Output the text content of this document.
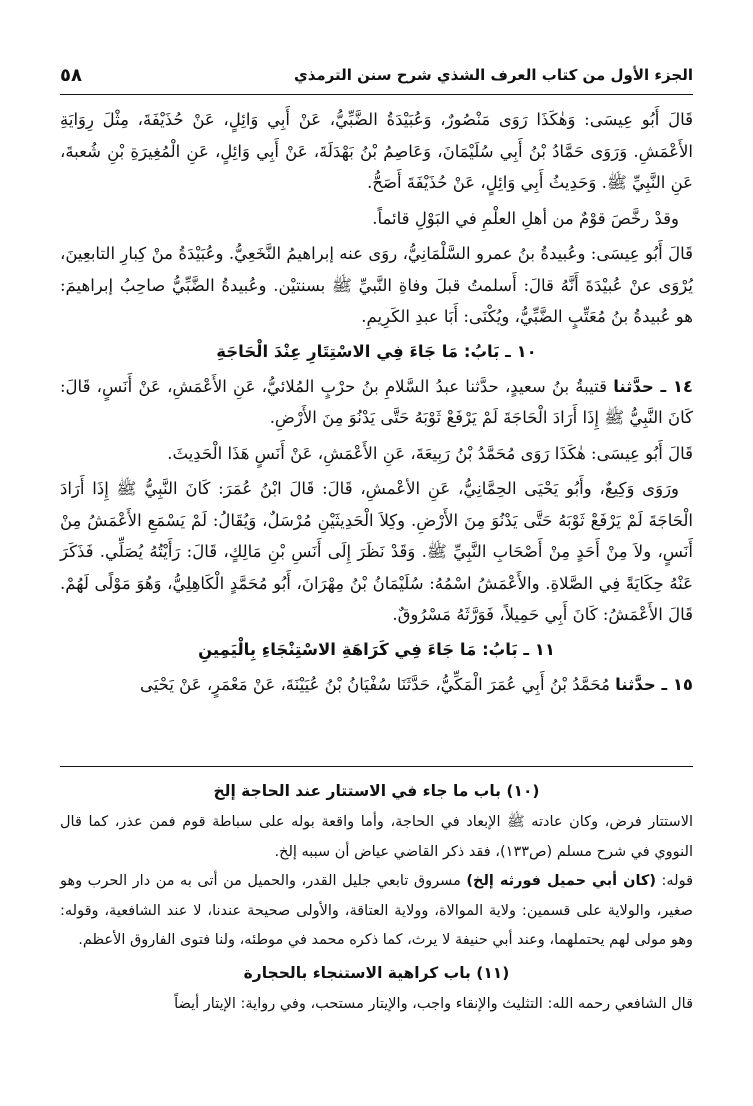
٥٨	الجزء الأول من كتاب العرف الشذي شرح سنن الترمذي

قَالَ أَبُو عِيسَى: وَهٰكَذَا رَوَى مَنْصُورٌ، وَعُبَيْدَةُ الضَّبِّيُّ، عَنْ أَبِي وَائِلٍ، عَنْ حُذَيْفَةَ، مِثْلَ رِوَايَةِ الأَعْمَشِ. وَرَوَى حَمَّادُ بْنُ أَبِي سُلَيْمَانَ، وَعَاصِمُ بْنُ بَهْدَلَةَ، عَنْ أَبِي وَائِلٍ، عَنِ الْمُغِيرَةِ بْنِ شُعبةَ، عَنِ النَّبِيِّ ﷺ. وَحَدِيثُ أَبِي وَائِلٍ، عَنْ حُذَيْفَةَ أَصَحُّ.

وقدْ رخَّصَ قوْمٌ من أهلِ العلْمِ في البَوْلِ قائماً.

قَالَ أَبُو عِيسَى: وعُبيدةُ بنُ عمرو السَّلْمَانِيُّ، روَى عنه إبراهيمُ النَّخَعِيُّ. وعُبَيْدَةُ منْ كِبارِ التابعِينَ، يُرْوَى عنْ عُبيْدَةَ أَنَّهُ قالَ: أَسلمتُ قبلَ وفاةِ النَّبيِّ ﷺ بسنتيْن. وعُبيدةُ الضَّبِّيُّ صاحِبُ إبراهيمَ: هو عُبيدةُ بنُ مُعَتِّبٍ الضَّبِّيُّ، ويُكْنَى: أَبَا عبدِ الكَرِيمِ.

١٠ ـ بَابُ: مَا جَاءَ فِي الاسْتِتَارِ عِنْدَ الْحَاجَةِ

١٤ ـ حدَّثنا قتيبةُ بنُ سعيدٍ، حدَّثنا عبدُ السَّلامِ بنُ حرْبٍ المُلائيُّ، عَنِ الأَعْمَشِ، عَنْ أَنَسٍ، قَالَ: كَانَ النَّبِيُّ ﷺ إِذَا أَرَادَ الْحَاجَةَ لَمْ يَرْفَعْ ثَوْبَهُ حَتَّى يَدْنُوَ مِنَ الأَرْضِ.

قَالَ أَبُو عِيسَى: هٰكَذَا رَوَى مُحَمَّدُ بْنُ رَبِيعَةَ، عَنِ الأَعْمَشِ، عَنْ أَنَسٍ هَذَا الْحَدِيثَ.

ورَوَى وَكِيعٌ، وأَبُو يَحْيَى الحِمَّانِيُّ، عَنِ الأعْمشِ، قَالَ: قَالَ ابْنُ عُمَرَ: كَانَ النَّبِيُّ ﷺ إِذَا أَرَادَ الْحَاجَةَ لَمْ يَرْفَعْ ثَوْبَهُ حَتَّى يَدْنُوَ مِنَ الأَرْضِ. وكِلاَ الْحَدِيثَيْنِ مُرْسَلٌ، وَيُقَالُ: لَمْ يَسْمَعِ الأَعْمَشُ مِنْ أَنَسٍ، ولاَ مِنْ أَحَدٍ مِنْ أَصْحَابِ النَّبِيِّ ﷺ. وَقَدْ نَظَرَ إِلَى أَنَسِ بْنِ مَالِكٍ، قَالَ: رَأَيْتُهُ يُصَلِّي. فَذَكَرَ عَنْهُ حِكَايَةً فِي الصَّلاةِ. والأَعْمَشُ اسْمُهُ: سُلَيْمَانُ بْنُ مِهْرَانَ، أَبُو مُحَمَّدٍ الْكَاهِلِيُّ، وَهُوَ مَوْلًى لَهُمْ. قَالَ الأَعْمَشُ: كَانَ أَبِي حَمِيلاً، فَوَرَّثَهُ مَسْرُوقٌ.

١١ ـ بَابُ: مَا جَاءَ فِي كَرَاهَةِ الاسْتِنْجَاءِ بِالْيَمِينِ

١٥ ـ حدَّثنا مُحَمَّدُ بْنُ أَبِي عُمَرَ الْمَكِّيُّ، حَدَّثَنَا سُفْيَانُ بْنُ عُيَيْنَةَ، عَنْ مَعْمَرٍ، عَنْ يَحْيَى

(١٠) باب ما جاء في الاستتار عند الحاجة إلخ

الاستتار فرض، وكان عادته ﷺ الإبعاد في الحاجة، وأما واقعة بوله على سباطة قوم فمن عذر، كما قال النووي في شرح مسلم (ص١٣٣)، فقد ذكر القاضي عياض أن سببه إلخ.

قوله: (كان أبي حميل فورثه إلخ) مسروق تابعي جليل القدر، والحميل من أتى به من دار الحرب وهو صغير، والولاية على قسمين: ولاية الموالاة، وولاية العتاقة، والأولى صحيحة عندنا، لا عند الشافعية، وقوله: وهو مولى لهم يحتملهما، وعند أبي حنيفة لا يرث، كما ذكره محمد في موطئه، ولنا فتوى الفاروق الأعظم.

(١١) باب كراهية الاستنجاء بالحجارة

قال الشافعي رحمه الله: التثليث والإنقاء واجب، والإيتار مستحب، وفي رواية: الإيتار أيضاً
